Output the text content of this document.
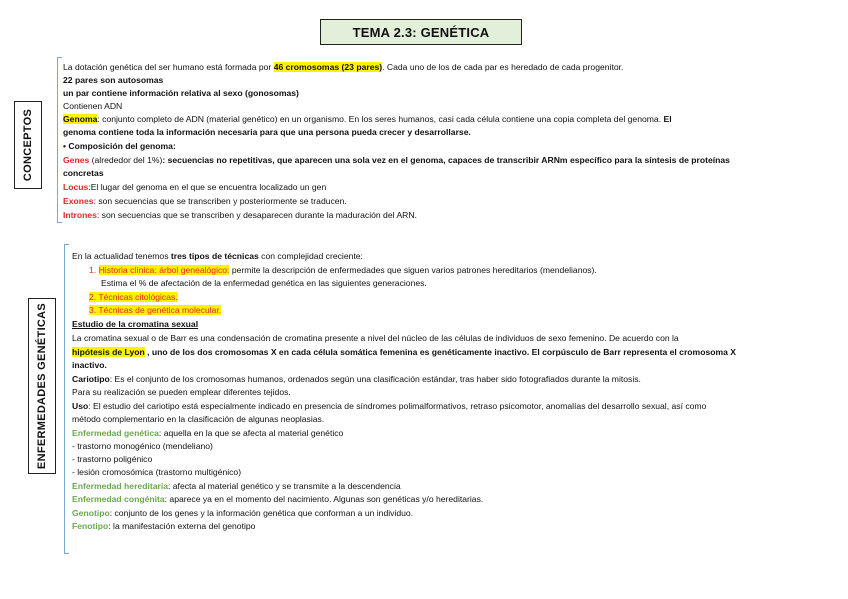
TEMA 2.3: GENÉTICA
CONCEPTOS
ENFERMEDADES GENÉTICAS
La dotación genética del ser humano está formada por 46 cromosomas (23 pares). Cada uno de los de cada par es heredado de cada progenitor.
22 pares son autosomas
un par contiene información relativa al sexo (gonosomas)
Contienen ADN
Genoma: conjunto completo de ADN (material genético) en un organismo. En los seres humanos, casi cada célula contiene una copia completa del genoma. El
genoma contiene toda la información necesaria para que una persona pueda crecer y desarrollarse.
• Composición del genoma:
Genes (alrededor del 1%): secuencias no repetitivas, que aparecen una sola vez en el genoma, capaces de transcribir ARNm específico para la síntesis de proteínas
concretas
Locus:El lugar del genoma en el que se encuentra localizado un gen
Exones: son secuencias que se transcriben y posteriormente se traducen.
Intrones: son secuencias que se transcriben y desaparecen durante la maduración del ARN.
En la actualidad tenemos tres tipos de técnicas con complejidad creciente:
1. Historia clínica: árbol genealógico: permite la descripción de enfermedades que siguen varios patrones hereditarios (mendelianos).
Estima el % de afectación de la enfermedad genética en las siguientes generaciones.
2. Técnicas citológicas.
3. Técnicas de genética molecular.
Estudio de la cromatina sexual
La cromatina sexual o de Barr es una condensación de cromatina presente a nivel del núcleo de las células de individuos de sexo femenino. De acuerdo con la
hipótesis de Lyon , uno de los dos cromosomas X en cada célula somática femenina es genéticamente inactivo. El corpúsculo de Barr representa el cromosoma X
inactivo.
Cariotipo: Es el conjunto de los cromosomas humanos, ordenados según una clasificación estándar, tras haber sido fotografiados durante la mitosis.
Para su realización se pueden emplear diferentes tejidos.
Uso: El estudio del cariotipo está especialmente indicado en presencia de síndromes polimalformativos, retraso psicomotor, anomalías del desarrollo sexual, así como
método complementario en la clasificación de algunas neoplasias.
Enfermedad genética: aquella en la que se afecta al material genético
- trastorno monogénico (mendeliano)
- trastorno poligénico
- lesión cromosómica (trastorno multigénico)
Enfermedad hereditaria: afecta al material genético y se transmite a la descendencia
Enfermedad congénita: aparece ya en el momento del nacimiento. Algunas son genéticas y/o hereditarias.
Genotipo: conjunto de los genes y la información genética que conforman a un individuo.
Fenotipo: la manifestación externa del genotipo
